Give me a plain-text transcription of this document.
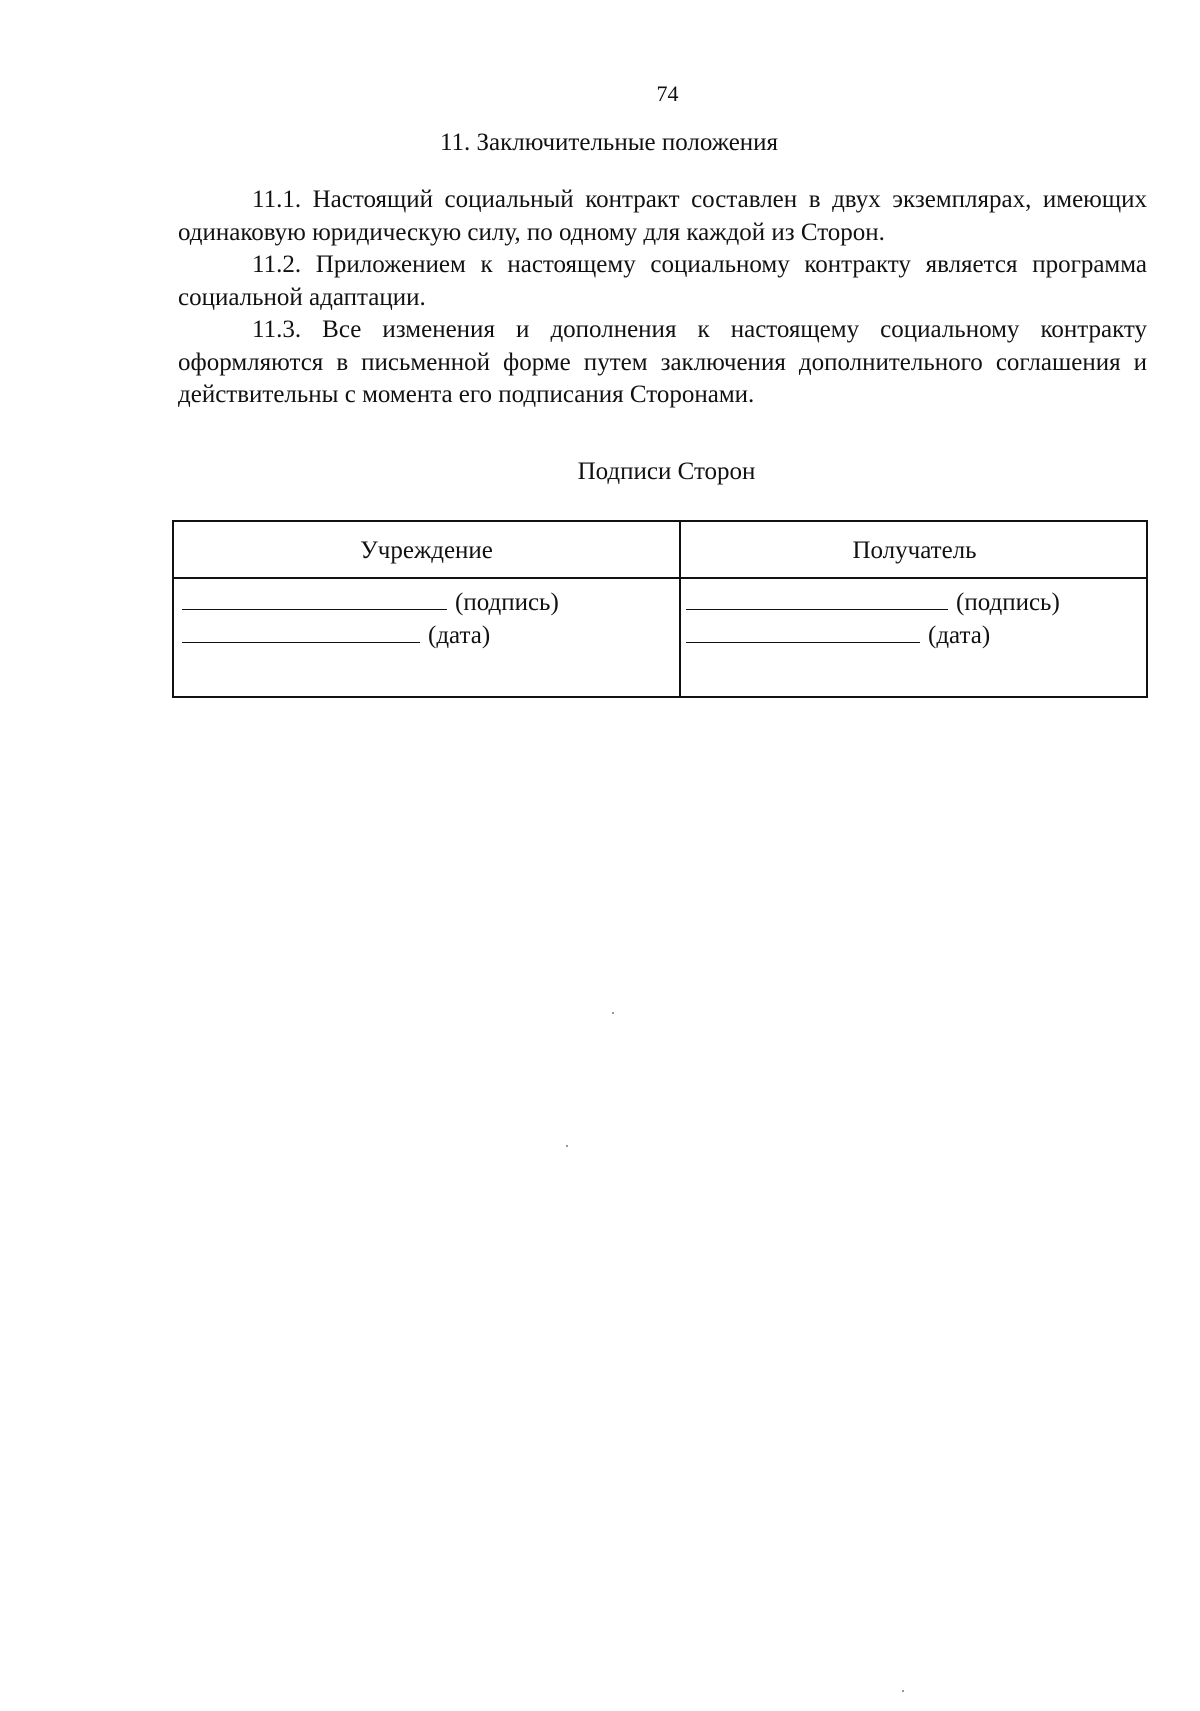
74
11. Заключительные положения

11.1. Настоящий социальный контракт составлен в двух экземплярах, имеющих одинаковую юридическую силу, по одному для каждой из Сторон.

11.2. Приложением к настоящему социальному контракту является программа социальной адаптации.

11.3. Все изменения и дополнения к настоящему социальному контракту оформляются в письменной форме путем заключения дополнительного соглашения и действительны с момента его подписания Сторонами.

Подписи Сторон
Учреждение	Получатель
(подпись)
(дата)
(подпись)
(дата)
